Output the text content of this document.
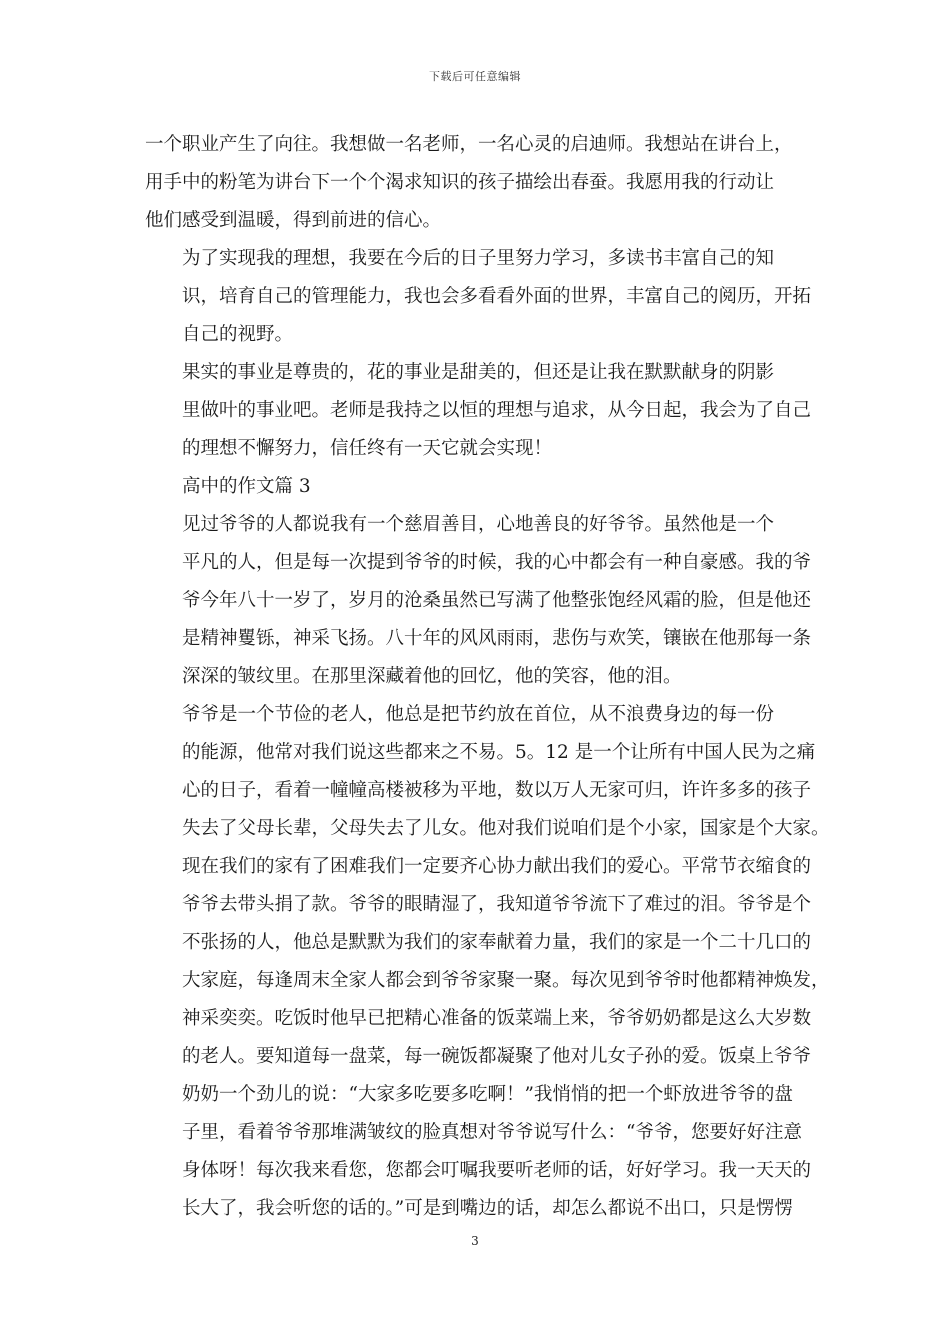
下载后可任意编辑

一个职业产生了向往。我想做一名老师，一名心灵的启迪师。我想站在讲台上，
用手中的粉笔为讲台下一个个渴求知识的孩子描绘出春蚕。我愿用我的行动让
他们感受到温暖，得到前进的信心。

为了实现我的理想，我要在今后的日子里努力学习，多读书丰富自己的知
识，培育自己的管理能力，我也会多看看外面的世界，丰富自己的阅历，开拓
自己的视野。

果实的事业是尊贵的，花的事业是甜美的，但还是让我在默默献身的阴影
里做叶的事业吧。老师是我持之以恒的理想与追求，从今日起，我会为了自己
的理想不懈努力，信任终有一天它就会实现！

高中的作文篇 3

见过爷爷的人都说我有一个慈眉善目，心地善良的好爷爷。虽然他是一个
平凡的人，但是每一次提到爷爷的时候，我的心中都会有一种自豪感。我的爷
爷今年八十一岁了，岁月的沧桑虽然已写满了他整张饱经风霜的脸，但是他还
是精神矍铄，神采飞扬。八十年的风风雨雨，悲伤与欢笑，镶嵌在他那每一条
深深的皱纹里。在那里深藏着他的回忆，他的笑容，他的泪。

爷爷是一个节俭的老人，他总是把节约放在首位，从不浪费身边的每一份
的能源，他常对我们说这些都来之不易。5。12 是一个让所有中国人民为之痛
心的日子，看着一幢幢高楼被移为平地，数以万人无家可归，许许多多的孩子
失去了父母长辈，父母失去了儿女。他对我们说咱们是个小家，国家是个大家。
现在我们的家有了困难我们一定要齐心协力献出我们的爱心。平常节衣缩食的
爷爷去带头捐了款。爷爷的眼睛湿了，我知道爷爷流下了难过的泪。爷爷是个
不张扬的人，他总是默默为我们的家奉献着力量，我们的家是一个二十几口的
大家庭，每逢周末全家人都会到爷爷家聚一聚。每次见到爷爷时他都精神焕发，
神采奕奕。吃饭时他早已把精心准备的饭菜端上来，爷爷奶奶都是这么大岁数
的老人。要知道每一盘菜，每一碗饭都凝聚了他对儿女子孙的爱。饭桌上爷爷
奶奶一个劲儿的说：“大家多吃要多吃啊！”我悄悄的把一个虾放进爷爷的盘
子里，看着爷爷那堆满皱纹的脸真想对爷爷说写什么：“爷爷，您要好好注意
身体呀！每次我来看您，您都会叮嘱我要听老师的话，好好学习。我一天天的
长大了，我会听您的话的。”可是到嘴边的话，却怎么都说不出口，只是愣愣

3
